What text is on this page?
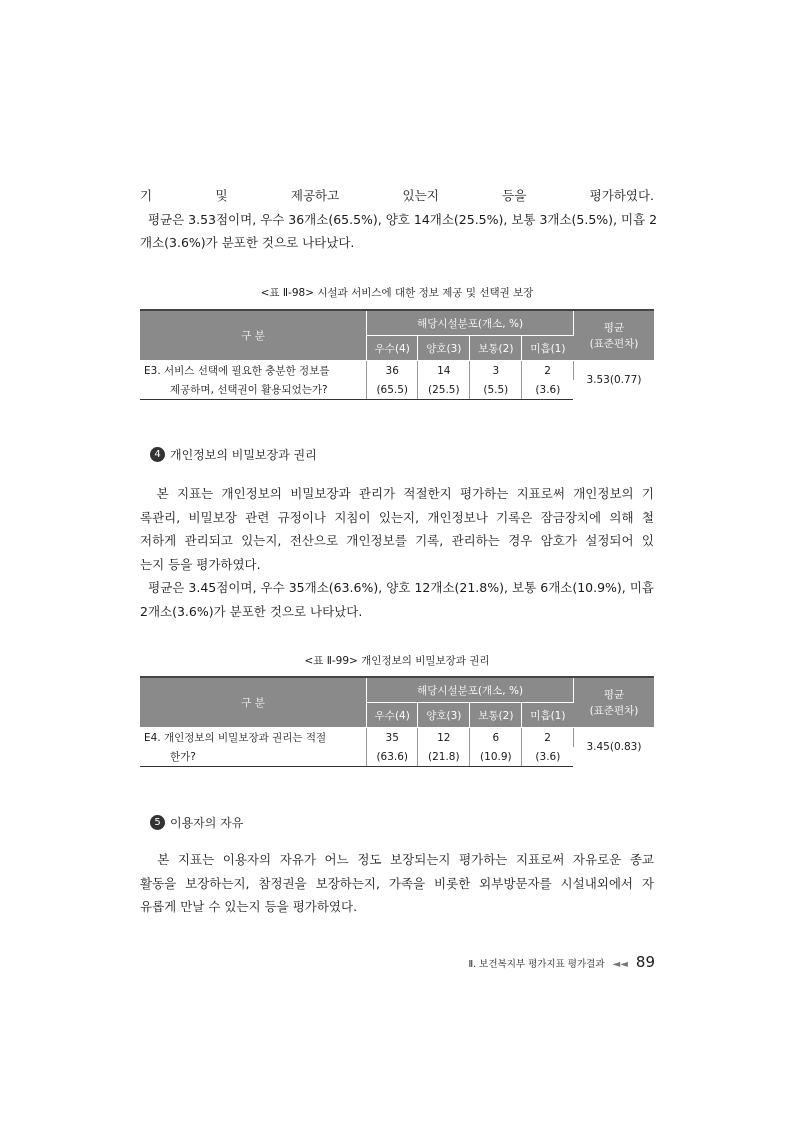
기 및 제공하고 있는지 등을 평가하였다.
평균은 3.53점이며, 우수 36개소(65.5%), 양호 14개소(25.5%), 보통 3개소(5.5%), 미흡 2
개소(3.6%)가 분포한 것으로 나타났다.

<표 Ⅱ-98> 시설과 서비스에 대한 정보 제공 및 선택권 보장

구 분	해당시설분포(개소, %)				평균
(표준편차)
	우수(4)	양호(3)	보통(2)	미흡(1)	
E3. 서비스 선택에 필요한 충분한 정보를	36	14	3	2	3.53(0.77)
제공하며, 선택권이 활용되었는가?	(65.5)	(25.5)	(5.5)	(3.6)	
4 개인정보의 비밀보장과 권리

본 지표는 개인정보의 비밀보장과 관리가 적절한지 평가하는 지표로써 개인정보의 기
록관리, 비밀보장 관련 규정이나 지침이 있는지, 개인정보나 기록은 잠금장치에 의해 철
저하게 관리되고 있는지, 전산으로 개인정보를 기록, 관리하는 경우 암호가 설정되어 있
는지 등을 평가하였다.
평균은 3.45점이며, 우수 35개소(63.6%), 양호 12개소(21.8%), 보통 6개소(10.9%), 미흡
2개소(3.6%)가 분포한 것으로 나타났다.

<표 Ⅱ-99> 개인정보의 비밀보장과 권리

구 분	해당시설분포(개소, %)				평균
(표준편차)
	우수(4)	양호(3)	보통(2)	미흡(1)	
E4. 개인정보의 비밀보장과 권리는 적절	35	12	6	2	3.45(0.83)
한가?	(63.6)	(21.8)	(10.9)	(3.6)	
5 이용자의 자유

본 지표는 이용자의 자유가 어느 정도 보장되는지 평가하는 지표로써 자유로운 종교
활동을 보장하는지, 참정권을 보장하는지, 가족을 비롯한 외부방문자를 시설내외에서 자
유롭게 만날 수 있는지 등을 평가하였다.

Ⅱ. 보건복지부 평가지표 평가결과 ◄◄ 89
